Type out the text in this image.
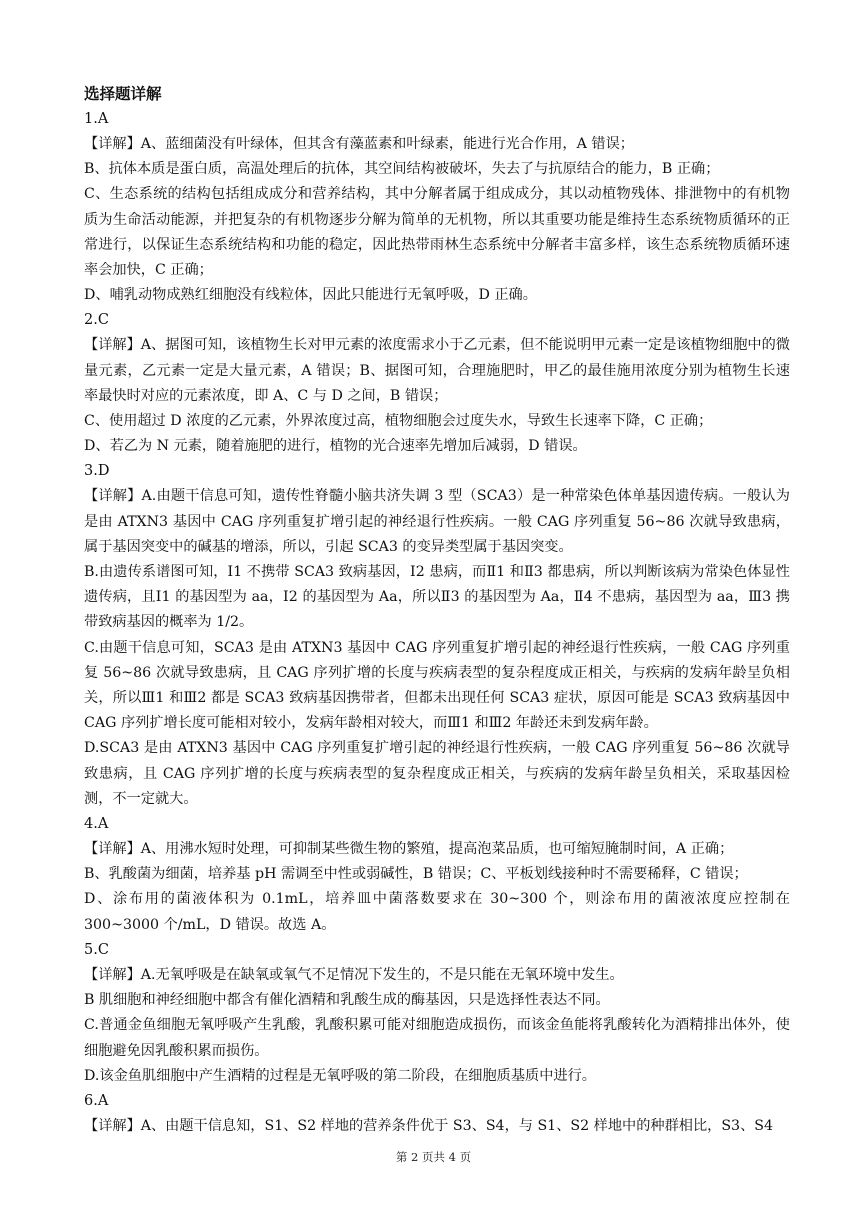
选择题详解

1.A

【详解】A、蓝细菌没有叶绿体，但其含有藻蓝素和叶绿素，能进行光合作用，A 错误；

B、抗体本质是蛋白质，高温处理后的抗体，其空间结构被破坏，失去了与抗原结合的能力，B 正确；

C、生态系统的结构包括组成成分和营养结构，其中分解者属于组成成分，其以动植物残体、排泄物中的有机物质为生命活动能源，并把复杂的有机物逐步分解为简单的无机物，所以其重要功能是维持生态系统物质循环的正常进行，以保证生态系统结构和功能的稳定，因此热带雨林生态系统中分解者丰富多样，该生态系统物质循环速率会加快，C 正确；

D、哺乳动物成熟红细胞没有线粒体，因此只能进行无氧呼吸，D 正确。

2.C

【详解】A、据图可知，该植物生长对甲元素的浓度需求小于乙元素，但不能说明甲元素一定是该植物细胞中的微量元素，乙元素一定是大量元素，A 错误；B、据图可知，合理施肥时，甲乙的最佳施用浓度分别为植物生长速率最快时对应的元素浓度，即 A、C 与 D 之间，B 错误；

C、使用超过 D 浓度的乙元素，外界浓度过高，植物细胞会过度失水，导致生长速率下降，C 正确；

D、若乙为 N 元素，随着施肥的进行，植物的光合速率先增加后减弱，D 错误。

3.D

【详解】A.由题干信息可知，遗传性脊髓小脑共济失调 3 型（SCA3）是一种常染色体单基因遗传病。一般认为是由 ATXN3 基因中 CAG 序列重复扩增引起的神经退行性疾病。一般 CAG 序列重复 56~86 次就导致患病，属于基因突变中的碱基的增添，所以，引起 SCA3 的变异类型属于基因突变。

B.由遗传系谱图可知，Ⅰ1 不携带 SCA3 致病基因，Ⅰ2 患病，而Ⅱ1 和Ⅱ3 都患病，所以判断该病为常染色体显性遗传病，且Ⅰ1 的基因型为 aa，Ⅰ2 的基因型为 Aa，所以Ⅱ3 的基因型为 Aa，Ⅱ4 不患病，基因型为 aa，Ⅲ3 携带致病基因的概率为 1/2。

C.由题干信息可知，SCA3 是由 ATXN3 基因中 CAG 序列重复扩增引起的神经退行性疾病，一般 CAG 序列重复 56~86 次就导致患病，且 CAG 序列扩增的长度与疾病表型的复杂程度成正相关，与疾病的发病年龄呈负相关，所以Ⅲ1 和Ⅲ2 都是 SCA3 致病基因携带者，但都未出现任何 SCA3 症状，原因可能是 SCA3 致病基因中 CAG 序列扩增长度可能相对较小，发病年龄相对较大，而Ⅲ1 和Ⅲ2 年龄还未到发病年龄。

D.SCA3 是由 ATXN3 基因中 CAG 序列重复扩增引起的神经退行性疾病，一般 CAG 序列重复 56~86 次就导致患病，且 CAG 序列扩增的长度与疾病表型的复杂程度成正相关，与疾病的发病年龄呈负相关，采取基因检测，不一定就大。

4.A

【详解】A、用沸水短时处理，可抑制某些微生物的繁殖，提高泡菜品质，也可缩短腌制时间，A 正确；

B、乳酸菌为细菌，培养基 pH 需调至中性或弱碱性，B 错误；C、平板划线接种时不需要稀释，C 错误；

D、涂布用的菌液体积为 0.1mL，培养皿中菌落数要求在 30~300 个，则涂布用的菌液浓度应控制在 300~3000 个/mL，D 错误。故选 A。

5.C

【详解】A.无氧呼吸是在缺氧或氧气不足情况下发生的，不是只能在无氧环境中发生。

B 肌细胞和神经细胞中都含有催化酒精和乳酸生成的酶基因，只是选择性表达不同。

C.普通金鱼细胞无氧呼吸产生乳酸，乳酸积累可能对细胞造成损伤，而该金鱼能将乳酸转化为酒精排出体外，使细胞避免因乳酸积累而损伤。

D.该金鱼肌细胞中产生酒精的过程是无氧呼吸的第二阶段，在细胞质基质中进行。

6.A

【详解】A、由题干信息知，S1、S2 样地的营养条件优于 S3、S4，与 S1、S2 样地中的种群相比，S3、S4

第 2 页共 4 页
